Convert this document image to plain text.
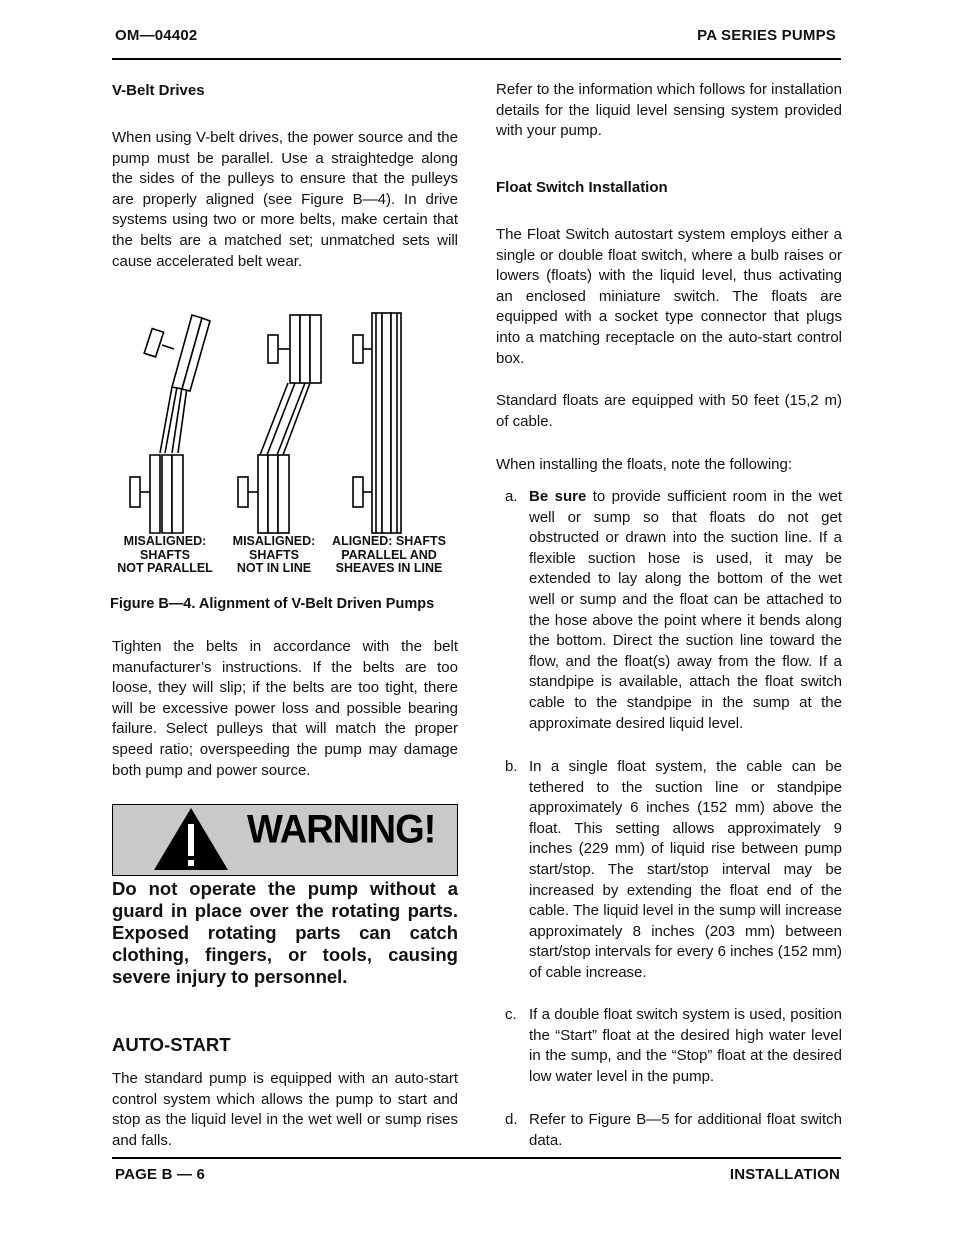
OM—04402	PA SERIES PUMPS
V-Belt Drives

When using V-belt drives, the power source and the pump must be parallel. Use a straightedge along the sides of the pulleys to ensure that the pulleys are properly aligned (see Figure B—4). In drive systems using two or more belts, make certain that the belts are a matched set; unmatched sets will cause accelerated belt wear.

MISALIGNED:
SHAFTS
NOT PARALLEL
MISALIGNED:
SHAFTS
NOT IN LINE
ALIGNED: SHAFTS
PARALLEL AND
SHEAVES IN LINE
Figure B—4. Alignment of V-Belt Driven Pumps

Tighten the belts in accordance with the belt manufacturer’s instructions. If the belts are too loose, they will slip; if the belts are too tight, there will be excessive power loss and possible bearing failure. Select pulleys that will match the proper speed ratio; overspeeding the pump may damage both pump and power source.

WARNING!

Do not operate the pump without a guard in place over the rotating parts. Exposed rotating parts can catch clothing, fingers, or tools, causing severe injury to personnel.

AUTO-START

The standard pump is equipped with an auto-start control system which allows the pump to start and stop as the liquid level in the wet well or sump rises and falls.

Refer to the information which follows for installation details for the liquid level sensing system provided with your pump.

Float Switch Installation

The Float Switch autostart system employs either a single or double float switch, where a bulb raises or lowers (floats) with the liquid level, thus activating an enclosed miniature switch. The floats are equipped with a socket type connector that plugs into a matching receptacle on the auto-start control box.

Standard floats are equipped with 50 feet (15,2 m) of cable.

When installing the floats, note the following:

a. Be sure to provide sufficient room in the wet well or sump so that floats do not get obstructed or drawn into the suction line. If a flexible suction hose is used, it may be extended to lay along the bottom of the wet well or sump and the float can be attached to the hose above the point where it bends along the bottom. Direct the suction line toward the flow, and the float(s) away from the flow. If a standpipe is available, attach the float switch cable to the standpipe in the sump at the approximate desired liquid level.

b. In a single float system, the cable can be tethered to the suction line or standpipe approximately 6 inches (152 mm) above the float. This setting allows approximately 9 inches (229 mm) of liquid rise between pump start/stop. The start/stop interval may be increased by extending the float end of the cable. The liquid level in the sump will increase approximately 8 inches (203 mm) between start/stop intervals for every 6 inches (152 mm) of cable increase.

c. If a double float switch system is used, position the “Start” float at the desired high water level in the sump, and the “Stop” float at the desired low water level in the pump.

d. Refer to Figure B—5 for additional float switch data.

PAGE B — 6	INSTALLATION
